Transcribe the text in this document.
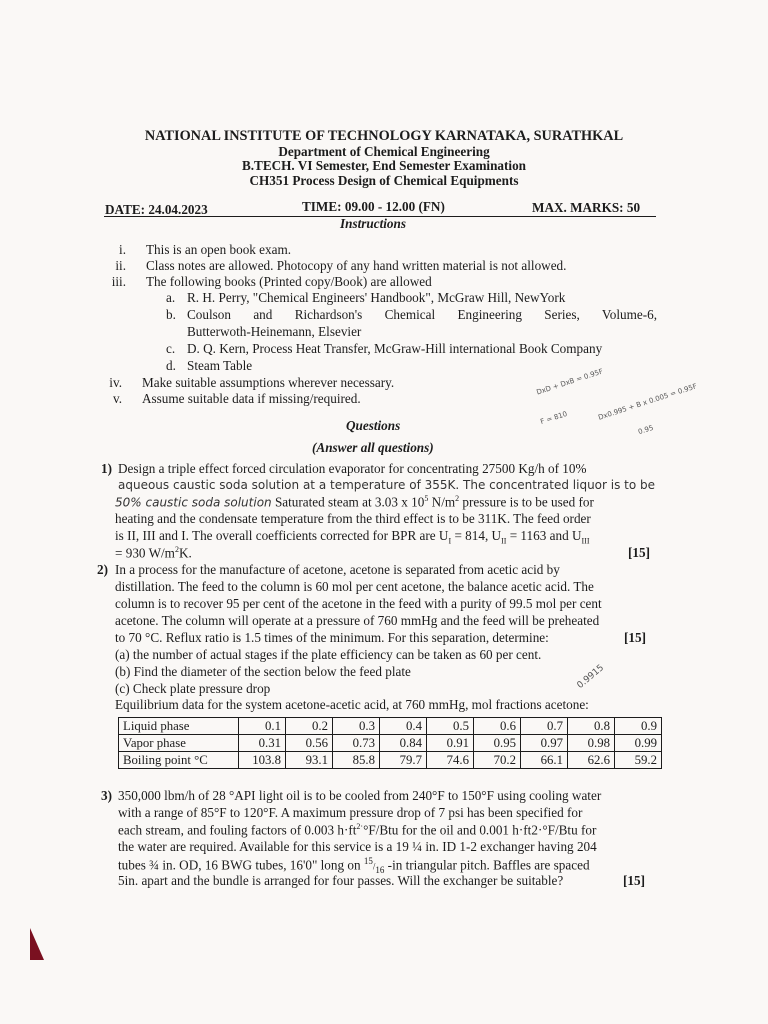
NATIONAL INSTITUTE OF TECHNOLOGY KARNATAKA, SURATHKAL
Department of Chemical Engineering
B.TECH. VI Semester, End Semester Examination
CH351 Process Design of Chemical Equipments
DATE: 24.04.2023	TIME: 09.00 - 12.00 (FN)	MAX. MARKS: 50
Instructions
i. This is an open book exam.
ii. Class notes are allowed. Photocopy of any hand written material is not allowed.
iii. The following books (Printed copy/Book) are allowed
a. R. H. Perry, "Chemical Engineers' Handbook", McGraw Hill, NewYork
b. Coulson and Richardson's Chemical Engineering Series, Volume-6,
Butterwoth-Heinemann, Elsevier
c. D. Q. Kern, Process Heat Transfer, McGraw-Hill international Book Company
d. Steam Table
iv. Make suitable assumptions wherever necessary.
v. Assume suitable data if missing/required.
Questions
(Answer all questions)
DxD + DxB = 0.95F
F = 810	Dx0.995 + B x 0.005 = 0.95F
0.95
0.9915
1) Design a triple effect forced circulation evaporator for concentrating 27500 Kg/h of 10%
aqueous caustic soda solution at a temperature of 355K. The concentrated liquor is to be
50% caustic soda solution Saturated steam at 3.03 x $10^5$ $N/m^2$ pressure is to be used for
heating and the condensate temperature from the third effect is to be 311K. The feed order
is II, III and I. The overall coefficients corrected for BPR are $U_I = 814$, $U_{II} = 1163$ and $U_{III}$
= 930 $W/m^2K$.	[15]
2) In a process for the manufacture of acetone, acetone is separated from acetic acid by
distillation. The feed to the column is 60 mol per cent acetone, the balance acetic acid. The
column is to recover 95 per cent of the acetone in the feed with a purity of 99.5 mol per cent
acetone. The column will operate at a pressure of 760 mmHg and the feed will be preheated
to 70 °C. Reflux ratio is 1.5 times of the minimum. For this separation, determine:	[15]
(a) the number of actual stages if the plate efficiency can be taken as 60 per cent.
(b) Find the diameter of the section below the feed plate
(c) Check plate pressure drop
Equilibrium data for the system acetone-acetic acid, at 760 mmHg, mol fractions acetone:
Liquid phase	0.1	0.2	0.3	0.4	0.5	0.6	0.7	0.8	0.9
Vapor phase	0.31	0.56	0.73	0.84	0.91	0.95	0.97	0.98	0.99
Boiling point °C	103.8	93.1	85.8	79.7	74.6	70.2	66.1	62.6	59.2
3) 350,000 lbm/h of 28 °API light oil is to be cooled from 240°F to 150°F using cooling water
with a range of 85°F to 120°F. A maximum pressure drop of 7 psi has been specified for
each stream, and fouling factors of 0.003 $h\cdot ft^{2\cdot}^\circ F$/Btu for the oil and 0.001 h·ft2·°F/Btu for
the water are required. Available for this service is a 19 ¼ in. ID 1-2 exchanger having 204
tubes ¾ in. OD, 16 BWG tubes, 16'0" long on $^{15}/_{16}$ -in triangular pitch. Baffles are spaced
5in. apart and the bundle is arranged for four passes. Will the exchanger be suitable?	[15]
